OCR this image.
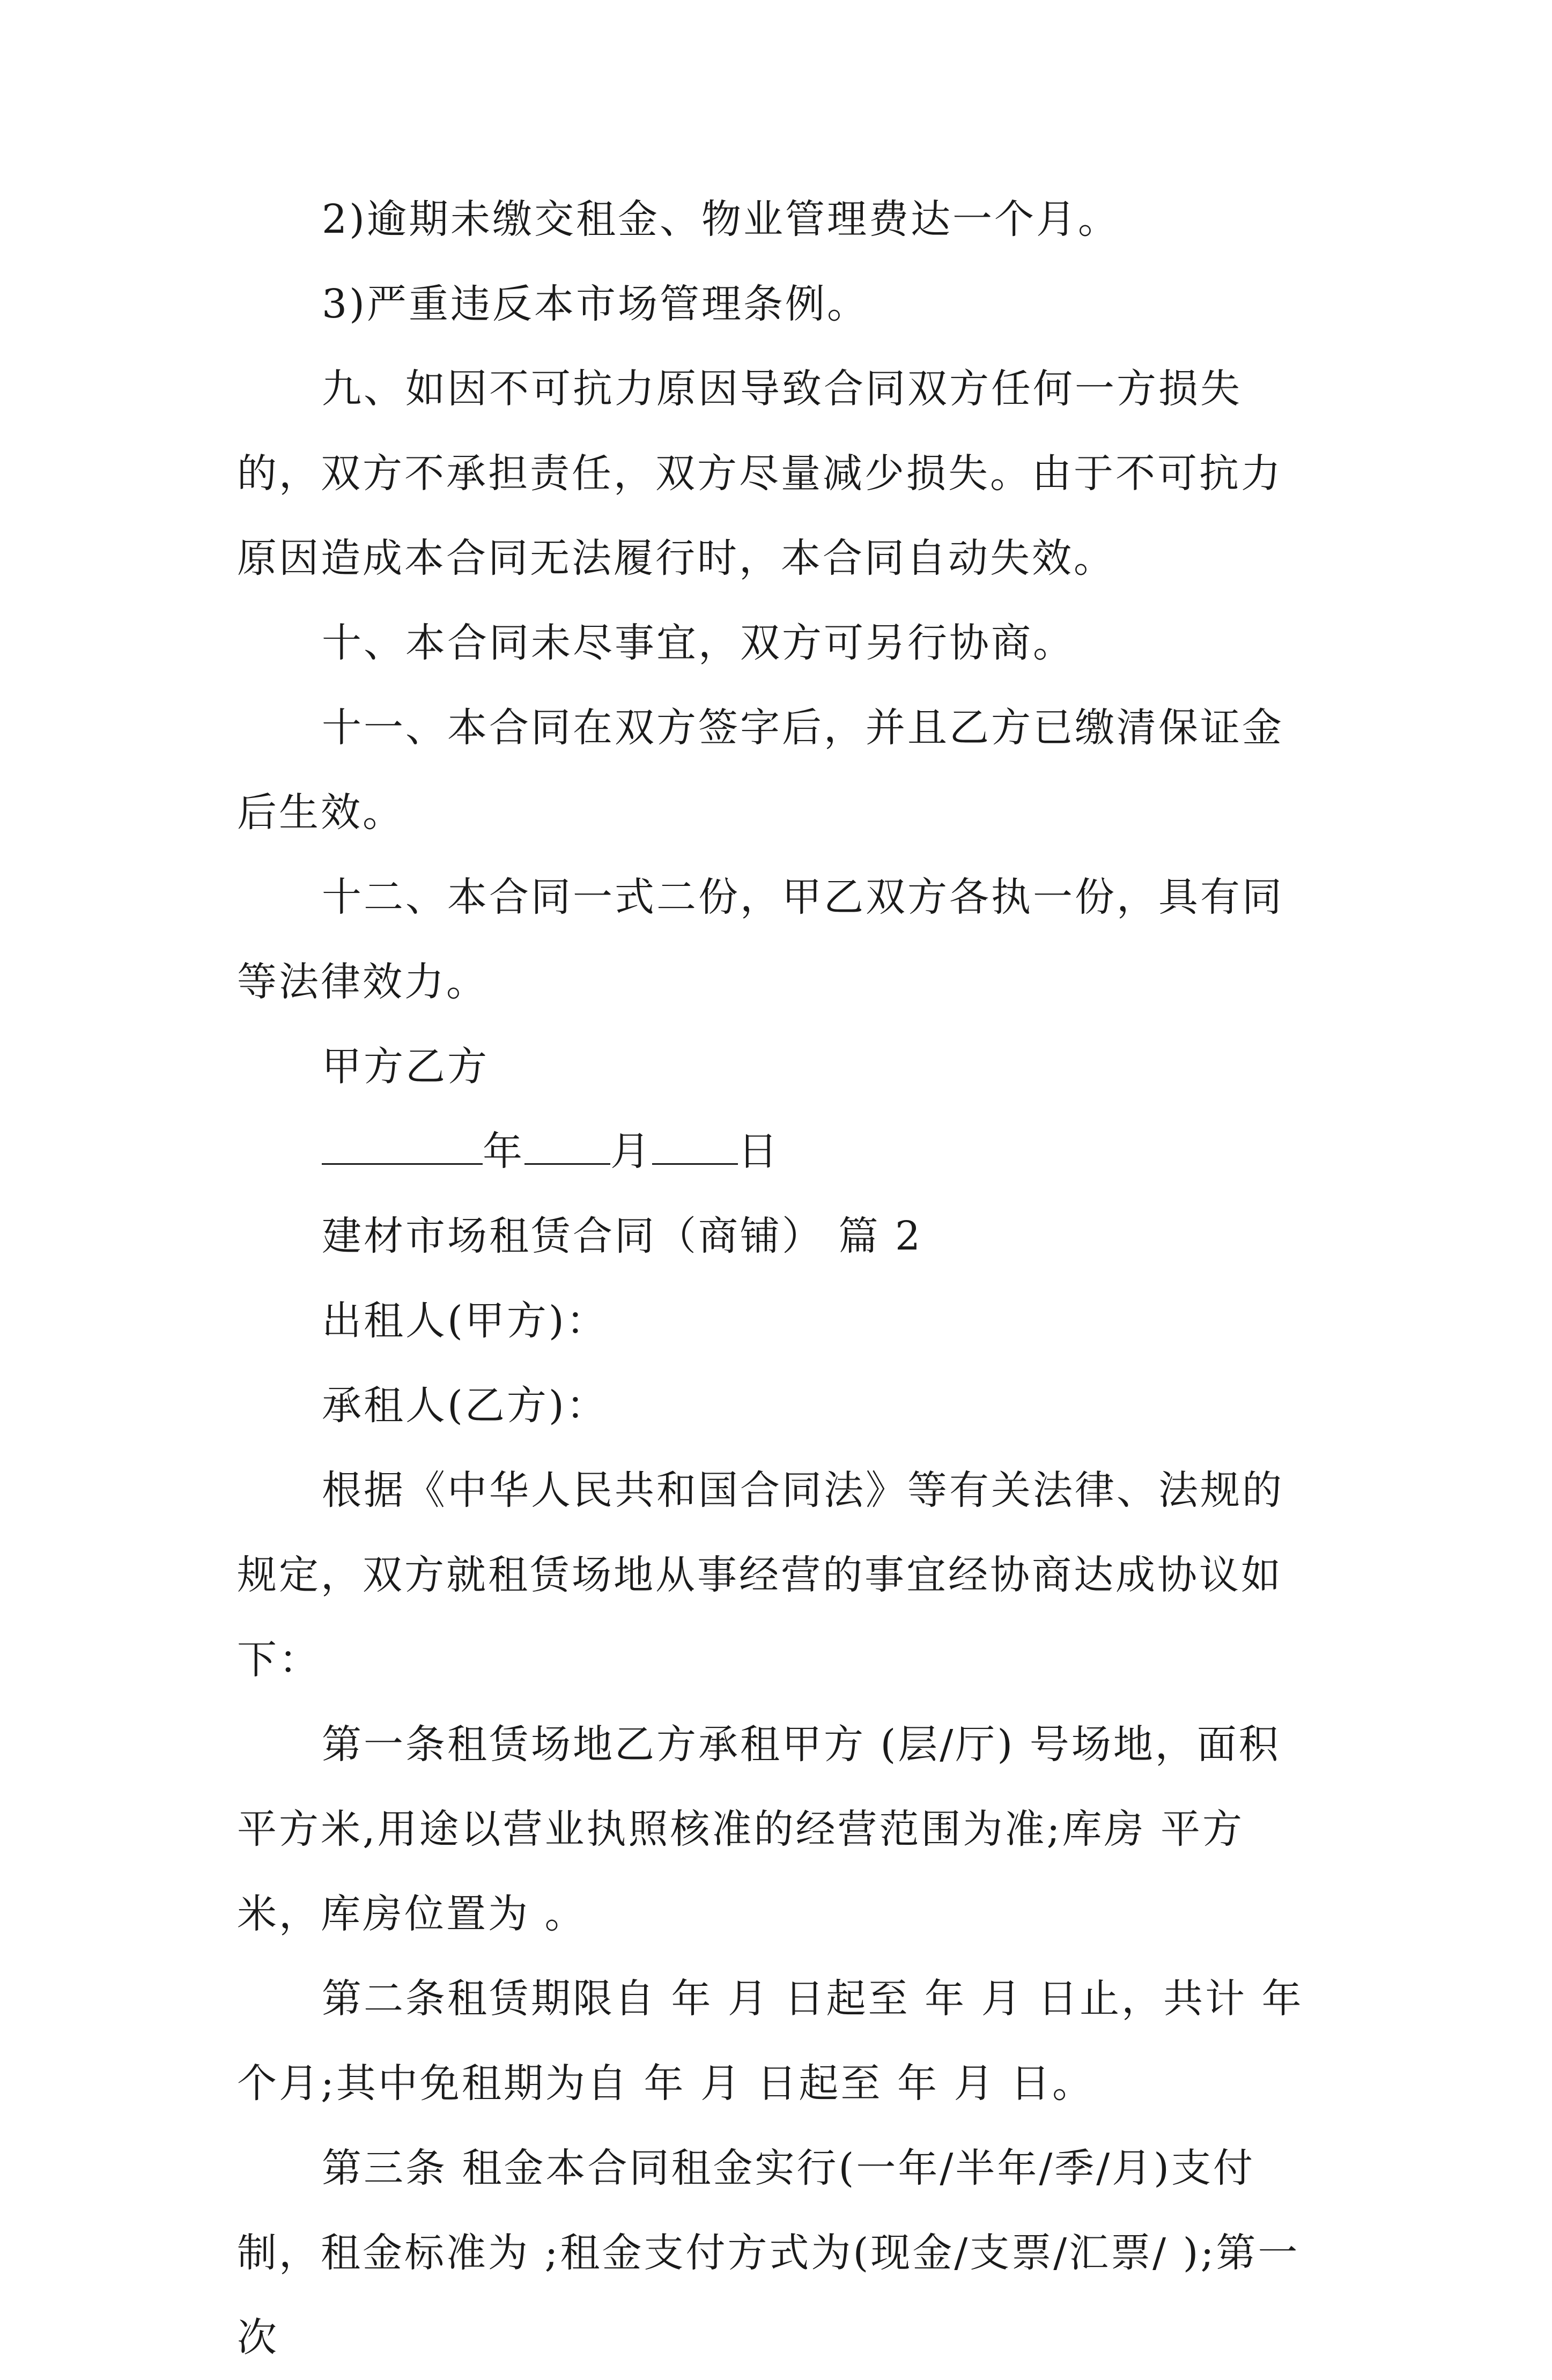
2)逾期未缴交租金、物业管理费达一个月。

3)严重违反本市场管理条例。

九、如因不可抗力原因导致合同双方任何一方损失的，双方不承担责任，双方尽量减少损失。由于不可抗力原因造成本合同无法履行时，本合同自动失效。

十、本合同未尽事宜，双方可另行协商。

十一、本合同在双方签字后，并且乙方已缴清保证金后生效。

十二、本合同一式二份，甲乙双方各执一份，具有同等法律效力。

甲方乙方

年 月 日

建材市场租赁合同（商铺） 篇 2

出租人(甲方)：

承租人(乙方)：

根据《中华人民共和国合同法》等有关法律、法规的规定，双方就租赁场地从事经营的事宜经协商达成协议如下：

第一条租赁场地乙方承租甲方 (层/厅) 号场地，面积 平方米,用途以营业执照核准的经营范围为准;库房 平方米，库房位置为 。

第二条租赁期限自 年 月 日起至 年 月 日止，共计 年 个月;其中免租期为自 年 月 日起至 年 月 日。

第三条 租金本合同租金实行(一年/半年/季/月)支付制，租金标准为 ;租金支付方式为(现金/支票/汇票/ );第一次
